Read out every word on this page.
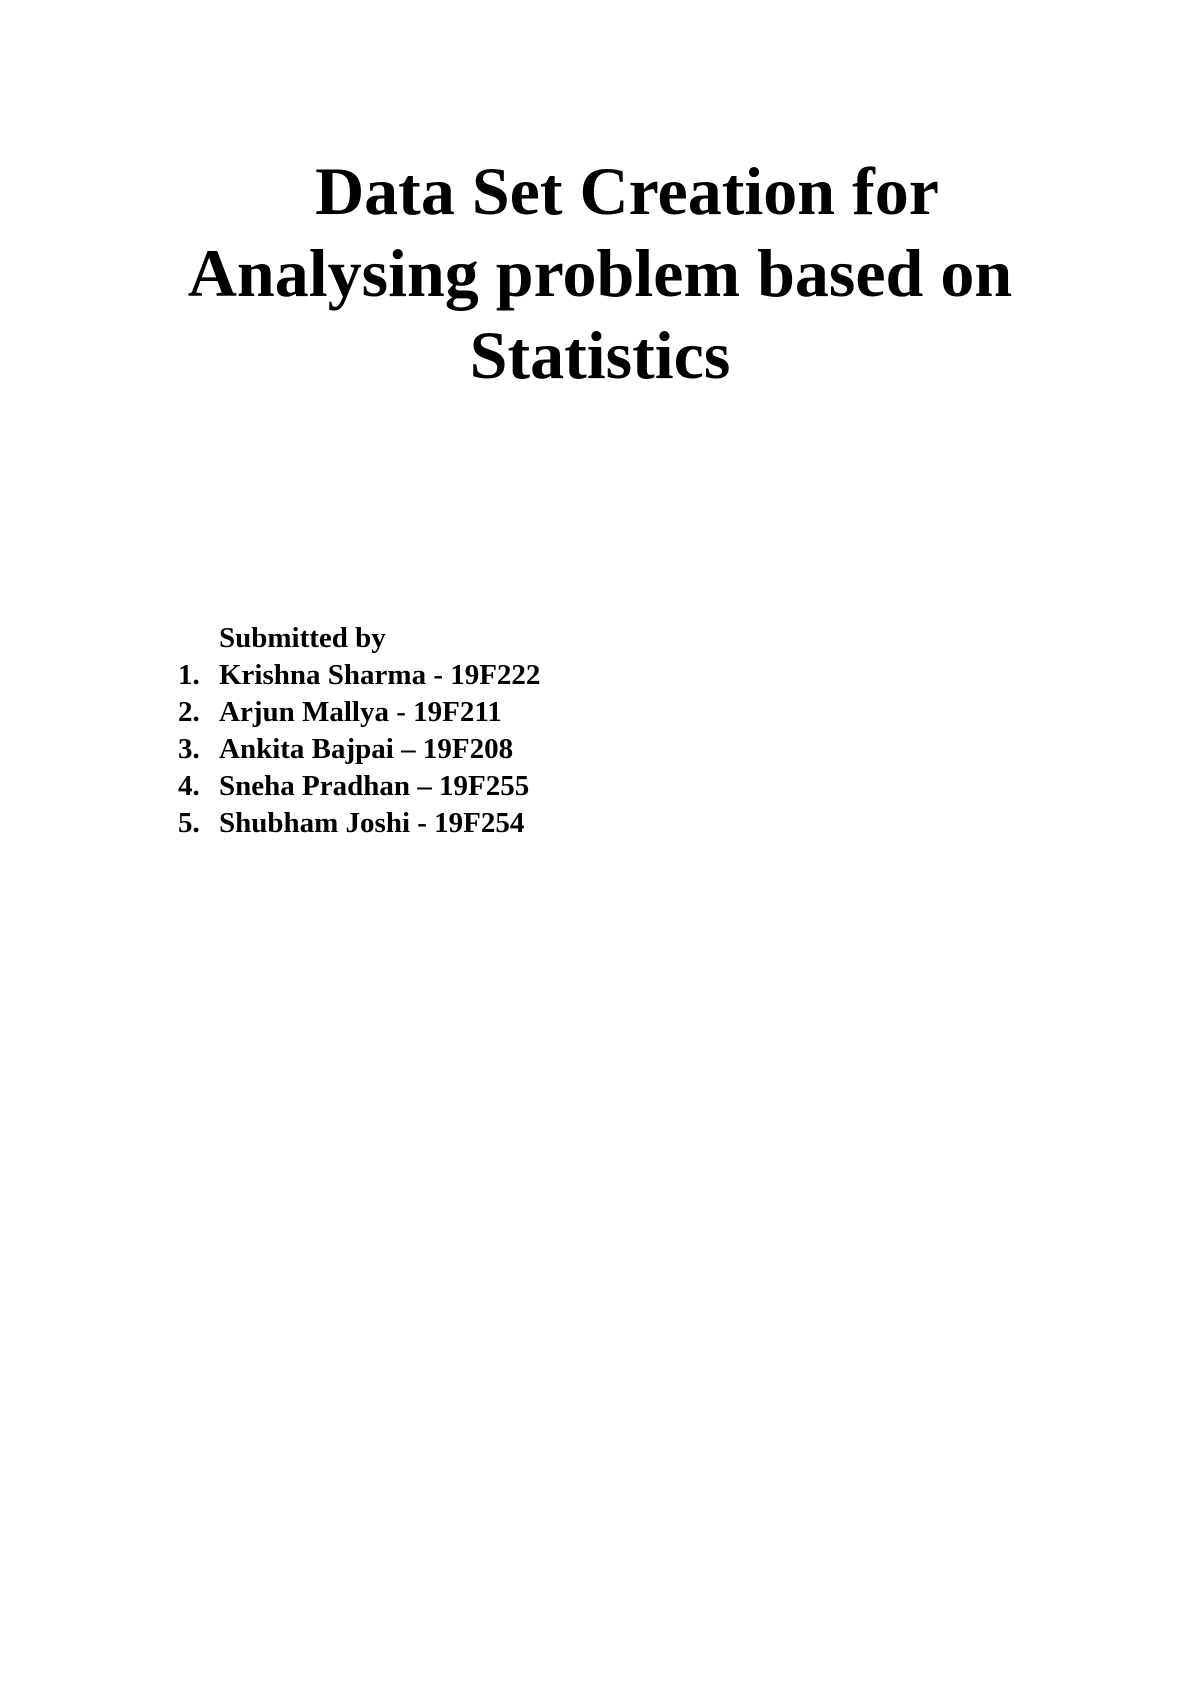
Data Set Creation for
Analysing problem based on
Statistics
Submitted by
1. Krishna Sharma - 19F222
2. Arjun Mallya - 19F211
3. Ankita Bajpai – 19F208
4. Sneha Pradhan – 19F255
5. Shubham Joshi - 19F254
